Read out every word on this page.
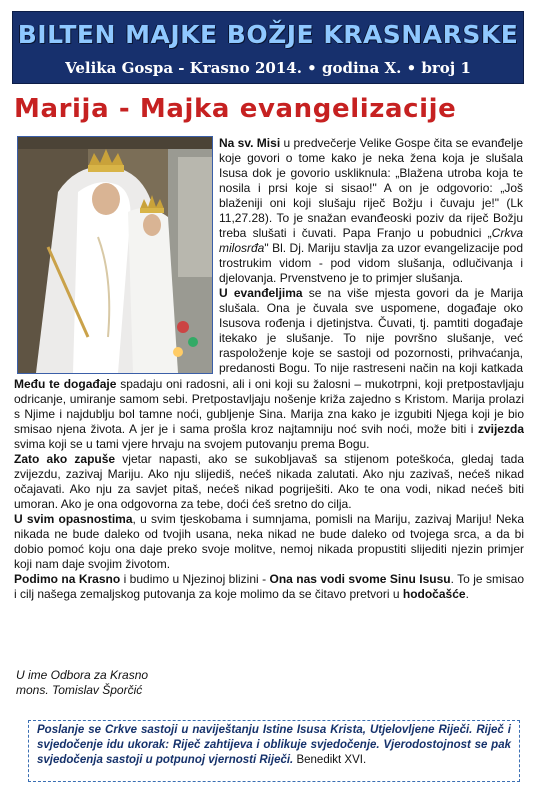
BILTEN MAJKE BOŽJE KRASNARSKE
Velika Gospa - Krasno 2014. • godina X. • broj 1
Marija - Majka evangelizacije

Na sv. Misi u predvečerje Velike Gospe čita se evanđelje koje govori o tome kako je neka žena koja je slušala Isusa dok je govorio uskliknula: „Blažena utroba koja te nosila i prsi koje si sisao!" A on je odgovorio: „Još blaženiji oni koji slušaju riječ Božju i čuvaju je!" (Lk 11,27.28). To je snažan evanđeoski poziv da riječ Božju treba slušati i čuvati. Papa Franjo u pobudnici „Crkva milosrđa" Bl. Dj. Mariju stavlja za uzor evangelizacije pod trostrukim vidom - pod vidom slušanja, odlučivanja i djelovanja. Prvenstveno je to primjer slušanja.

U evanđeljima se na više mjesta govori da je Marija slušala. Ona je čuvala sve uspomene, događaje oko Isusova rođenja i djetinjstva. Čuvati, tj. pamtiti događaje itekako je slušanje. To nije površno slušanje, već raspoloženje koje se sastoji od pozornosti, prihvaćanja, predanosti Bogu. To nije rastreseni način na koji katkada

Među te događaje spadaju oni radosni, ali i oni koji su žalosni – mukotrpni, koji pretpostavljaju odricanje, umiranje samom sebi. Pretpostavljaju nošenje križa zajedno s Kristom. Marija prolazi s Njime i najdublju bol tamne noći, gubljenje Sina. Marija zna kako je izgubiti Njega koji je bio smisao njena života. A jer je i sama prošla kroz najtamniju noć svih noći, može biti i zvijezda svima koji se u tami vjere hrvaju na svojem putovanju prema Bogu.

Zato ako zapuše vjetar napasti, ako se sukobljavaš sa stijenom poteškoća, gledaj tada zvijezdu, zazivaj Mariju. Ako nju slijediš, nećeš nikada zalutati. Ako nju zazivaš, nećeš nikad očajavati. Ako nju za savjet pitaš, nećeš nikad pogriješiti. Ako te ona vodi, nikad nećeš biti umoran. Ako je ona odgovorna za tebe, doći ćeš sretno do cilja.

U svim opasnostima, u svim tjeskobama i sumnjama, pomisli na Mariju, zazivaj Mariju! Neka nikada ne bude daleko od tvojih usana, neka nikad ne bude daleko od tvojega srca, a da bi dobio pomoć koju ona daje preko svoje molitve, nemoj nikada propustiti slijediti njezin primjer koji nam daje svojim životom.

Podimo na Krasno i budimo u Njezinoj blizini - Ona nas vodi svome Sinu Isusu. To je smisao i cilj našega zemaljskog putovanja za koje molimo da se čitavo pretvori u hodočašće.

U ime Odbora za Krasno
mons. Tomislav Šporčić
Poslanje se Crkve sastoji u naviještanju Istine Isusa Krista, Utjelovljene Riječi. Riječ i svjedočenje idu ukorak: Riječ zahtijeva i oblikuje svjedočenje. Vjerodostojnost se pak svjedočenja sastoji u potpunoj vjernosti Riječi. Benedikt XVI.
